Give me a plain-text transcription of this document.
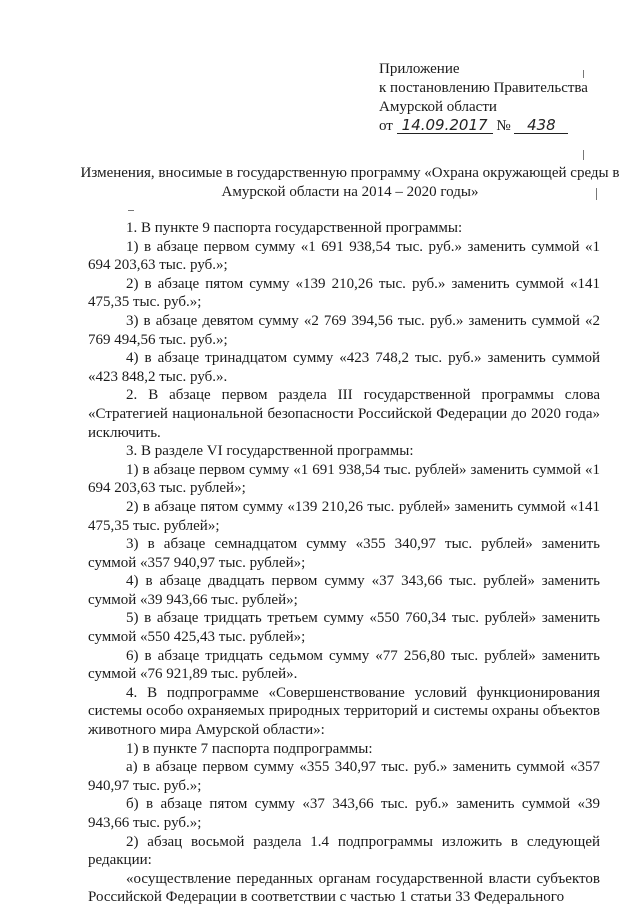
Приложение
к постановлению Правительства
Амурской области
от 14.09.2017 № 438
Изменения, вносимые в государственную программу «Охрана окружающей среды в Амурской области на 2014 – 2020 годы»

1. В пункте 9 паспорта государственной программы:

1) в абзаце первом сумму «1 691 938,54 тыс. руб.» заменить суммой «1 694 203,63 тыс. руб.»;

2) в абзаце пятом сумму «139 210,26 тыс. руб.» заменить суммой «141 475,35 тыс. руб.»;

3) в абзаце девятом сумму «2 769 394,56 тыс. руб.» заменить суммой «2 769 494,56 тыс. руб.»;

4) в абзаце тринадцатом сумму «423 748,2 тыс. руб.» заменить суммой «423 848,2 тыс. руб.».

2. В абзаце первом раздела III государственной программы слова «Стратегией национальной безопасности Российской Федерации до 2020 года» исключить.

3. В разделе VI государственной программы:

1) в абзаце первом сумму «1 691 938,54 тыс. рублей» заменить суммой «1 694 203,63 тыс. рублей»;

2) в абзаце пятом сумму «139 210,26 тыс. рублей» заменить суммой «141 475,35 тыс. рублей»;

3) в абзаце семнадцатом сумму «355 340,97 тыс. рублей» заменить суммой «357 940,97 тыс. рублей»;

4) в абзаце двадцать первом сумму «37 343,66 тыс. рублей» заменить суммой «39 943,66 тыс. рублей»;

5) в абзаце тридцать третьем сумму «550 760,34 тыс. рублей» заменить суммой «550 425,43 тыс. рублей»;

6) в абзаце тридцать седьмом сумму «77 256,80 тыс. рублей» заменить суммой «76 921,89 тыс. рублей».

4. В подпрограмме «Совершенствование условий функционирования системы особо охраняемых природных территорий и системы охраны объектов животного мира Амурской области»:

1) в пункте 7 паспорта подпрограммы:

а) в абзаце первом сумму «355 340,97 тыс. руб.» заменить суммой «357 940,97 тыс. руб.»;

б) в абзаце пятом сумму «37 343,66 тыс. руб.» заменить суммой «39 943,66 тыс. руб.»;

2) абзац восьмой раздела 1.4 подпрограммы изложить в следующей редакции:

«осуществление переданных органам государственной власти субъектов Российской Федерации в соответствии с частью 1 статьи 33 Федерального
